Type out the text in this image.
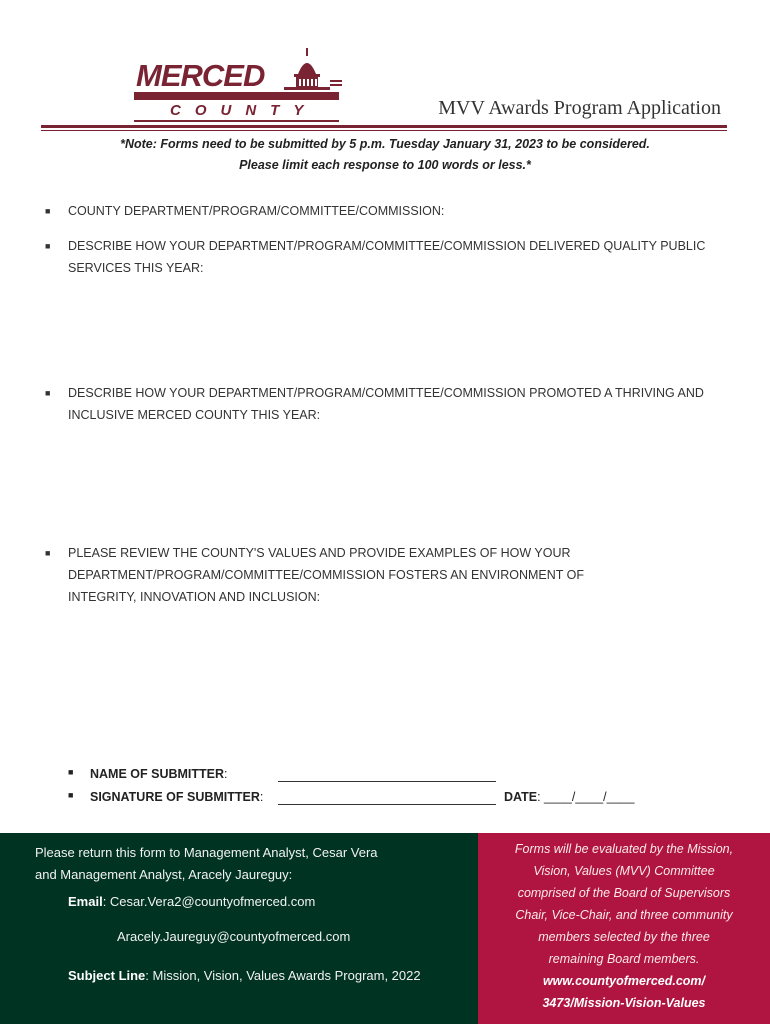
MERCED
COUNTY	MVV Awards Program Application
*Note: Forms need to be submitted by 5 p.m. Tuesday January 31, 2023 to be considered.
Please limit each response to 100 words or less.*
■ COUNTY DEPARTMENT/PROGRAM/COMMITTEE/COMMISSION:
■ DESCRIBE HOW YOUR DEPARTMENT/PROGRAM/COMMITTEE/COMMISSION DELIVERED QUALITY PUBLIC SERVICES THIS YEAR:
■ DESCRIBE HOW YOUR DEPARTMENT/PROGRAM/COMMITTEE/COMMISSION PROMOTED A THRIVING AND INCLUSIVE MERCED COUNTY THIS YEAR:
■ PLEASE REVIEW THE COUNTY'S VALUES AND PROVIDE EXAMPLES OF HOW YOUR DEPARTMENT/PROGRAM/COMMITTEE/COMMISSION FOSTERS AN ENVIRONMENT OF INTEGRITY, INNOVATION AND INCLUSION:
■ NAME OF SUBMITTER:
■ SIGNATURE OF SUBMITTER:	DATE: ____/____/____
Please return this form to Management Analyst, Cesar Vera
and Management Analyst, Aracely Jaureguy:
Email: Cesar.Vera2@countyofmerced.com
Aracely.Jaureguy@countyofmerced.com
Subject Line: Mission, Vision, Values Awards Program, 2022
Forms will be evaluated by the Mission,
Vision, Values (MVV) Committee
comprised of the Board of Supervisors
Chair, Vice-Chair, and three community
members selected by the three
remaining Board members.
www.countyofmerced.com/
3473/Mission-Vision-Values
